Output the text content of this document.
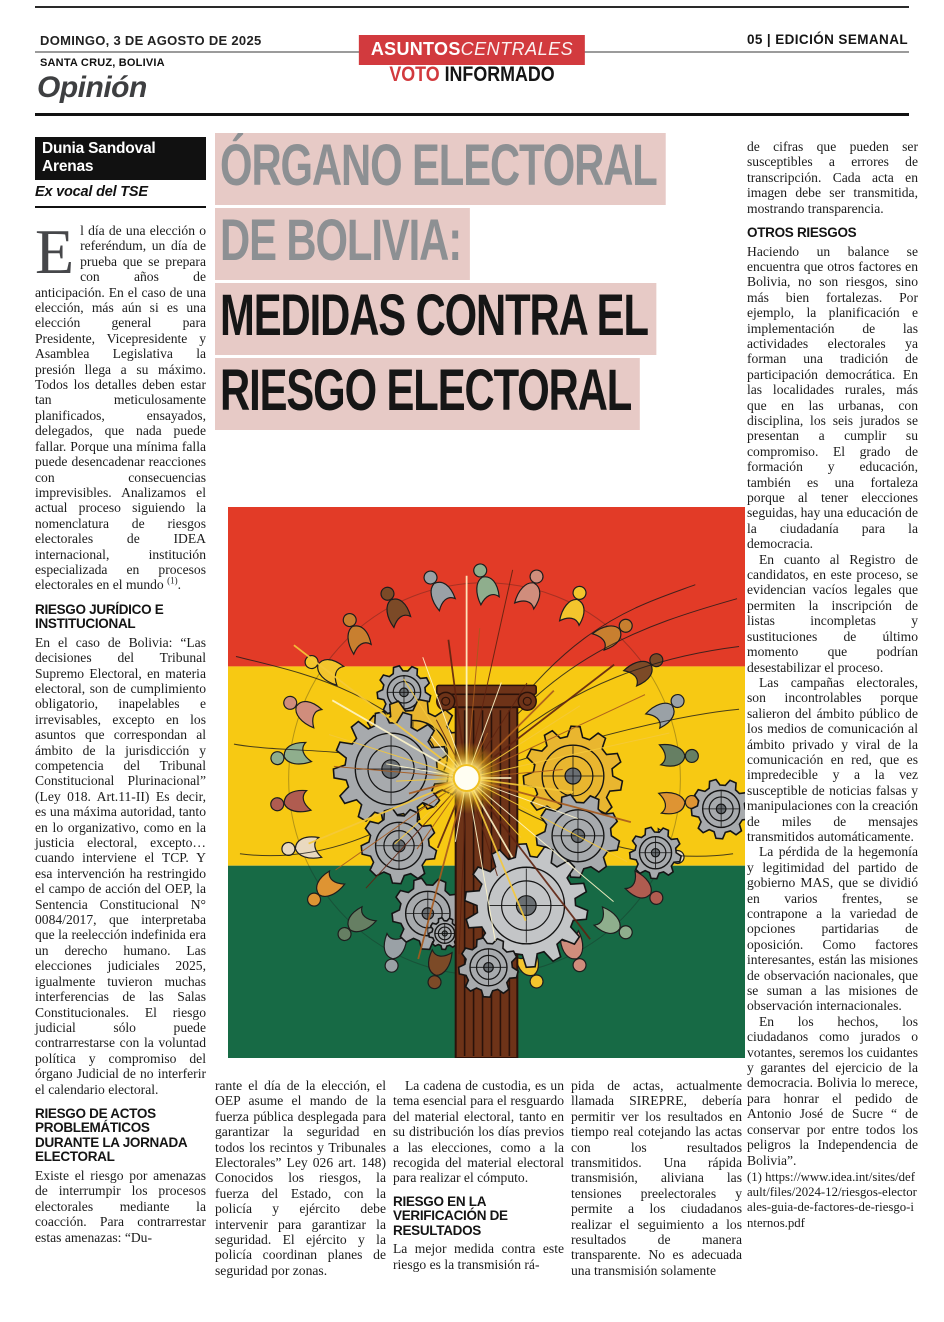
DOMINGO, 3 DE AGOSTO DE 2025	05 | EDICIÓN SEMANAL
ASUNTOSCENTRALES
VOTO INFORMADO
SANTA CRUZ, BOLIVIA
Opinión
Dunia Sandoval Arenas
Ex vocal del TSE

El día de una elección o referéndum, un día de prueba que se prepara con años de anticipación. En el caso de una elección, más aún si es una elección general para Presidente, Vicepresidente y Asamblea Legislativa la presión llega a su máximo. Todos los detalles deben estar tan meticulosamente planificados, ensayados, delegados, que nada puede fallar. Porque una mínima falla puede desencadenar reacciones con consecuencias imprevisibles. Analizamos el actual proceso siguiendo la nomenclatura de riesgos electorales de IDEA internacional, institución especializada en procesos electorales en el mundo $^{(1)}$.

RIESGO JURÍDICO E INSTITUCIONAL

En el caso de Bolivia: “Las decisiones del Tribunal Supremo Electoral, en materia electoral, son de cumplimiento obligatorio, inapelables e irrevisables, excepto en los asuntos que correspondan al ámbito de la jurisdicción y competencia del Tribunal Constitucional Plurinacional” (Ley 018. Art.11-II) Es decir, es una máxima autoridad, tanto en lo organizativo, como en la justicia electoral, excepto… cuando interviene el TCP. Y esa intervención ha restringido el campo de acción del OEP, la Sentencia Constitucional N° 0084/2017, que interpretaba que la reelección indefinida era un derecho humano. Las elecciones judiciales 2025, igualmente tuvieron muchas interferencias de las Salas Constitucionales. El riesgo judicial sólo puede contrarrestarse con la voluntad política y compromiso del órgano Judicial de no interferir el calendario electoral.

RIESGO DE ACTOS PROBLEMÁTICOS DURANTE LA JORNADA ELECTORAL

Existe el riesgo por amenazas de interrumpir los procesos electorales mediante la coacción. Para contrarrestar estas amenazas: “Du-

ÓRGANO ELECTORAL
DE BOLIVIA:
MEDIDAS CONTRA EL
RIESGO ELECTORAL

rante el día de la elección, el OEP asume el mando de la fuerza pública desplegada para garantizar la seguridad en todos los recintos y Tribunales Electorales” Ley 026 art. 148) Conocidos los riesgos, la fuerza del Estado, con la policía y ejército debe intervenir para garantizar la seguridad. El ejército y la policía coordinan planes de seguridad por zonas.

La cadena de custodia, es un tema esencial para el resguardo del material electoral, tanto en su distribución los días previos a las elecciones, como a la recogida del material electoral para realizar el cómputo.

RIESGO EN LA VERIFICACIÓN DE RESULTADOS

La mejor medida contra este riesgo es la transmisión rá-

pida de actas, actualmente llamada SIREPRE, debería permitir ver los resultados en tiempo real cotejando las actas con los resultados transmitidos. Una rápida transmisión, aliviana las tensiones preelectorales y permite a los ciudadanos realizar el seguimiento a los resultados de manera transparente. No es adecuada una transmisión solamente

de cifras que pueden ser susceptibles a errores de transcripción. Cada acta en imagen debe ser transmitida, mostrando transparencia.

OTROS RIESGOS

Haciendo un balance se encuentra que otros factores en Bolivia, no son riesgos, sino más bien fortalezas. Por ejemplo, la planificación e implementación de las actividades electorales ya forman una tradición de participación democrática. En las localidades rurales, más que en las urbanas, con disciplina, los seis jurados se presentan a cumplir su compromiso. El grado de formación y educación, también es una fortaleza porque al tener elecciones seguidas, hay una educación de la ciudadanía para la democracia.

En cuanto al Registro de candidatos, en este proceso, se evidencian vacíos legales que permiten la inscripción de listas incompletas y sustituciones de último momento que podrían desestabilizar el proceso.

Las campañas electorales, son incontrolables porque salieron del ámbito público de los medios de comunicación al ámbito privado y viral de la comunicación en red, que es impredecible y a la vez susceptible de noticias falsas y manipulaciones con la creación de miles de mensajes transmitidos automáticamente.

La pérdida de la hegemonía y legitimidad del partido de gobierno MAS, que se dividió en varios frentes, se contrapone a la variedad de opciones partidarias de oposición. Como factores interesantes, están las misiones de observación nacionales, que se suman a las misiones de observación internacionales.

En los hechos, los ciudadanos como jurados o votantes, seremos los cuidantes y garantes del ejercicio de la democracia. Bolivia lo merece, para honrar el pedido de Antonio José de Sucre “ de conservar por entre todos los peligros la Independencia de Bolivia”.

(1) https://www.idea.int/sites/default/files/2024-12/riesgos-electorales-guia-de-factores-de-riesgo-internos.pdf
